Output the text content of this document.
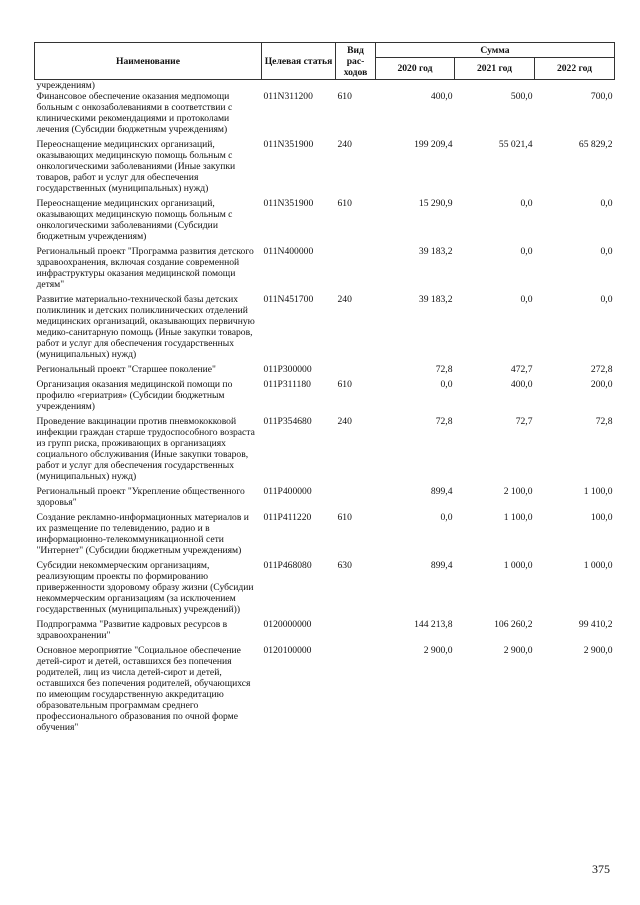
Наименование	Целевая статья	Вид рас-ходов	Сумма		
			2020 год	2021 год	2022 год
учреждениям)					
Финансовое обеспечение оказания медпомощи больным с онкозаболеваниями в соответствии с клиническими рекомендациями и протоколами лечения (Субсидии бюджетным учреждениям)	011N311200	610	400,0	500,0	700,0
Переоснащение медицинских организаций, оказывающих медицинскую помощь больным с онкологическими заболеваниями (Иные закупки товаров, работ и услуг для обеспечения государственных (муниципальных) нужд)	011N351900	240	199 209,4	55 021,4	65 829,2
Переоснащение медицинских организаций, оказывающих медицинскую помощь больным с онкологическими заболеваниями (Субсидии бюджетным учреждениям)	011N351900	610	15 290,9	0,0	0,0
Региональный проект "Программа развития детского здравоохранения, включая создание современной инфраструктуры оказания медицинской помощи детям"	011N400000		39 183,2	0,0	0,0
Развитие материально-технической базы детских поликлиник и детских поликлинических отделений медицинских организаций, оказывающих первичную медико-санитарную помощь (Иные закупки товаров, работ и услуг для обеспечения государственных (муниципальных) нужд)	011N451700	240	39 183,2	0,0	0,0
Региональный проект "Старшее поколение"	011P300000		72,8	472,7	272,8
Организация оказания медицинской помощи по профилю «гериатрия» (Субсидии бюджетным учреждениям)	011P311180	610	0,0	400,0	200,0
Проведение вакцинации против пневмококковой инфекции граждан старше трудоспособного возраста из групп риска, проживающих в организациях социального обслуживания (Иные закупки товаров, работ и услуг для обеспечения государственных (муниципальных) нужд)	011P354680	240	72,8	72,7	72,8
Региональный проект "Укрепление общественного здоровья"	011P400000		899,4	2 100,0	1 100,0
Создание рекламно-информационных материалов и их размещение по телевидению, радио и в информационно-телекоммуникационной сети "Интернет" (Субсидии бюджетным учреждениям)	011P411220	610	0,0	1 100,0	100,0
Субсидии некоммерческим организациям, реализующим проекты по формированию приверженности здоровому образу жизни (Субсидии некоммерческим организациям (за исключением государственных (муниципальных) учреждений))	011P468080	630	899,4	1 000,0	1 000,0
Подпрограмма "Развитие кадровых ресурсов в здравоохранении"	0120000000		144 213,8	106 260,2	99 410,2
Основное мероприятие "Социальное обеспечение детей-сирот и детей, оставшихся без попечения родителей, лиц из числа детей-сирот и детей, оставшихся без попечения родителей, обучающихся по имеющим государственную аккредитацию образовательным программам среднего профессионального образования по очной форме обучения"	0120100000		2 900,0	2 900,0	2 900,0
375
